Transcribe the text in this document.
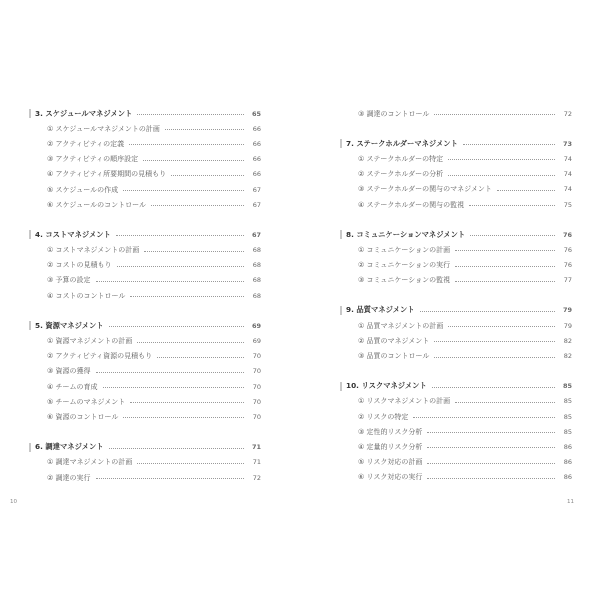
3. スケジュールマネジメント	65
① スケジュールマネジメントの計画	66
② アクティビティの定義	66
③ アクティビティの順序設定	66
④ アクティビティ所要期間の見積もり	66
⑤ スケジュールの作成	67
⑥ スケジュールのコントロール	67
4. コストマネジメント	67
① コストマネジメントの計画	68
② コストの見積もり	68
③ 予算の設定	68
④ コストのコントロール	68
5. 資源マネジメント	69
① 資源マネジメントの計画	69
② アクティビティ資源の見積もり	70
③ 資源の獲得	70
④ チームの育成	70
⑤ チームのマネジメント	70
⑥ 資源のコントロール	70
6. 調達マネジメント	71
① 調達マネジメントの計画	71
② 調達の実行	72
③ 調達のコントロール	72
7. ステークホルダーマネジメント	73
① ステークホルダーの特定	74
② ステークホルダーの分析	74
③ ステークホルダーの関与のマネジメント	74
④ ステークホルダーの関与の監視	75
8. コミュニケーションマネジメント	76
① コミュニケーションの計画	76
② コミュニケーションの実行	76
③ コミュニケーションの監視	77
9. 品質マネジメント	79
① 品質マネジメントの計画	79
② 品質のマネジメント	82
③ 品質のコントロール	82
10. リスクマネジメント	85
① リスクマネジメントの計画	85
② リスクの特定	85
③ 定性的リスク分析	85
④ 定量的リスク分析	86
⑤ リスク対応の計画	86
⑥ リスク対応の実行	86
10	11
